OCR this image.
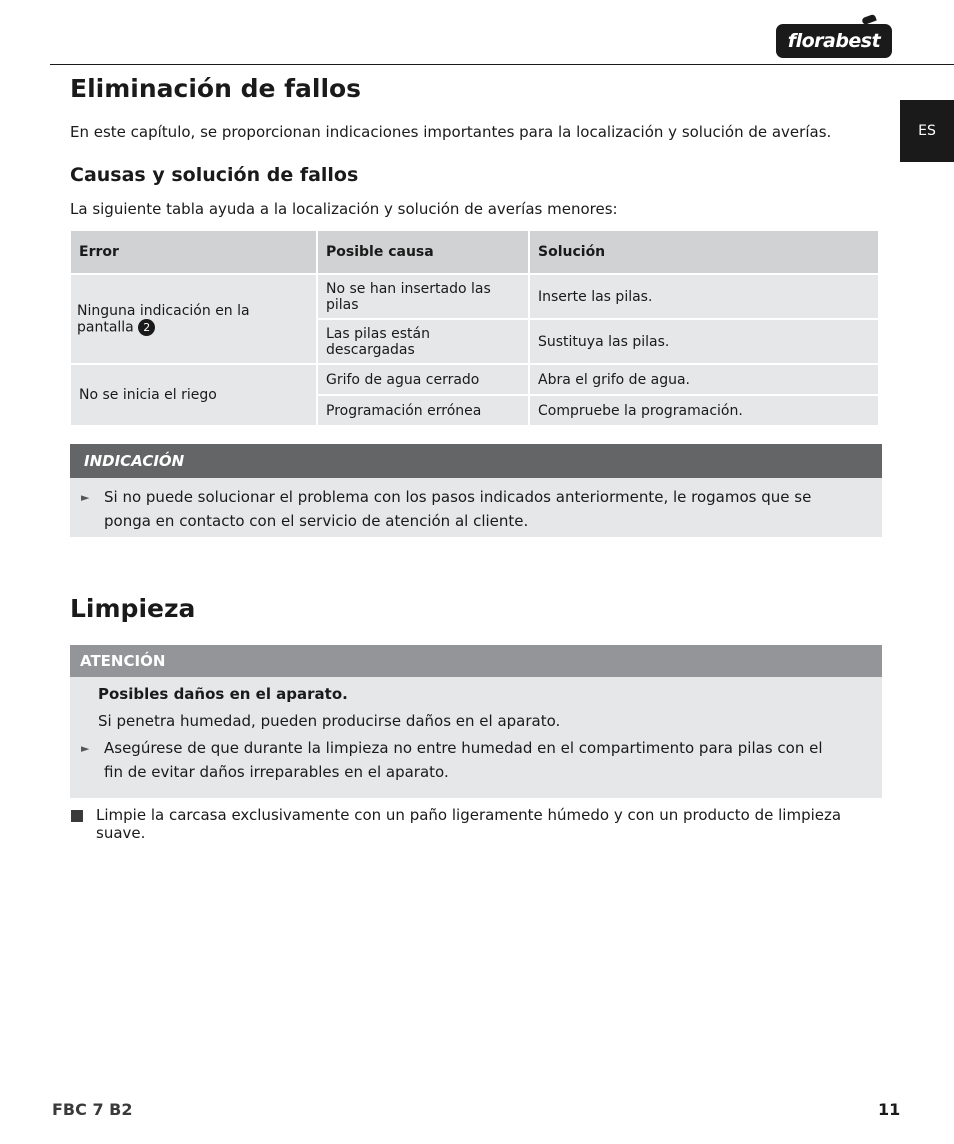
florabest
ES
Eliminación de fallos
En este capítulo, se proporcionan indicaciones importantes para la localización y solución de averías.
Causas y solución de fallos
La siguiente tabla ayuda a la localización y solución de averías menores:
Error	Posible causa	Solución
Ninguna indicación en la pantalla 2	No se han insertado las pilas	Inserte las pilas.
	Las pilas están descargadas	Sustituya las pilas.
No se inicia el riego	Grifo de agua cerrado	Abra el grifo de agua.
	Programación errónea	Compruebe la programación.
INDICACIÓN
► Si no puede solucionar el problema con los pasos indicados anteriormente, le rogamos que se ponga en contacto con el servicio de atención al cliente.
Limpieza
ATENCIÓN
Posibles daños en el aparato.
Si penetra humedad, pueden producirse daños en el aparato.
► Asegúrese de que durante la limpieza no entre humedad en el compartimento para pilas con el fin de evitar daños irreparables en el aparato.
Limpie la carcasa exclusivamente con un paño ligeramente húmedo y con un producto de limpieza suave.
FBC 7 B2	11
